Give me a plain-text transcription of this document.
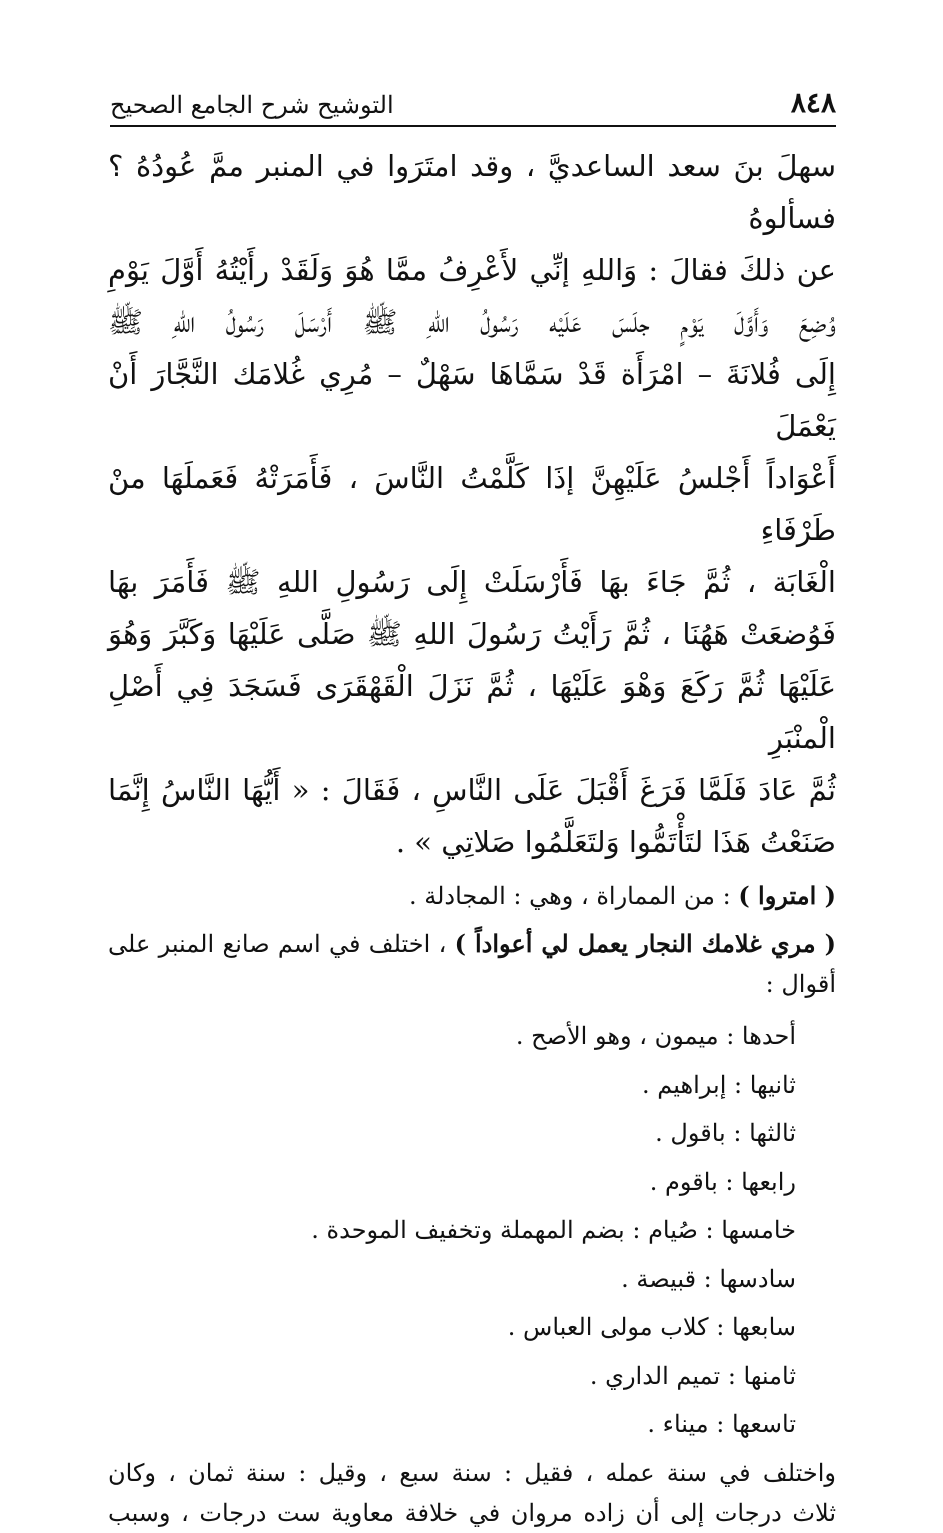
٨٤٨
التوشيح شرح الجامع الصحيح

سهلَ بنَ سعد الساعديَّ ، وقد امتَرَوا في المنبر ممَّ عُودُهُ ؟ فسألوهُ

عن ذلكَ فقالَ : وَاللهِ إنِّي لأَعْرِفُ ممَّا هُوَ وَلَقَدْ رأَيْتُهُ أَوَّلَ يَوْمِ

وُضِعَ وَأَوَّلَ يَوْمٍ جلَسَ عَلَيْه رَسُولُ اللهِ ﷺ أَرْسَلَ رَسُولُ اللهِ ﷺ

إِلَى فُلانَةَ – امْرَأَة قَدْ سَمَّاهَا سَهْلٌ – مُرِي غُلامَك النَّجَّارَ أَنْ يَعْمَلَ

أَعْوَاداً أَجْلسُ عَلَيْهِنَّ إذَا كَلَّمْتُ النَّاسَ ، فَأَمَرَتْهُ فَعَملَهَا منْ طَرْفَاءِ

الْغَابَة ، ثُمَّ جَاءَ بهَا فَأَرْسَلَتْ إِلَى رَسُولِ اللهِ ﷺ فَأَمَرَ بهَا

فَوُضعَتْ هَهُنَا ، ثُمَّ رَأَيْتُ رَسُولَ اللهِ ﷺ صَلَّى عَلَيْهَا وَكَبَّرَ وَهُوَ

عَلَيْهَا ثُمَّ رَكَعَ وَهْوَ عَلَيْهَا ، ثُمَّ نَزَلَ الْقَهْقَرَى فَسَجَدَ فِي أَصْلِ الْمنْبَرِ

ثُمَّ عَادَ فَلَمَّا فَرَغَ أَقْبَلَ عَلَى النَّاسِ ، فَقَالَ : « أَيُّهَا النَّاسُ إِنَّمَا

صَنَعْتُ هَذَا لتَأْتَمُّوا وَلتَعَلَّمُوا صَلاتِي » .

( امتروا ) : من المماراة ، وهي : المجادلة .

( مري غلامك النجار يعمل لي أعواداً ) ، اختلف في اسم صانع المنبر على أقوال :

أحدها : ميمون ، وهو الأصح .
ثانيها : إبراهيم .
ثالثها : باقول .
رابعها : باقوم .
خامسها : صُيام : بضم المهملة وتخفيف الموحدة .
سادسها : قبيصة .
سابعها : كلاب مولى العباس .
ثامنها : تميم الداري .
تاسعها : ميناء .

واختلف في سنة عمله ، فقيل : سنة سبع ، وقيل : سنة ثمان ، وكان

ثلاث درجات إلى أن زاده مروان في خلافة معاوية ست درجات ، وسبب
